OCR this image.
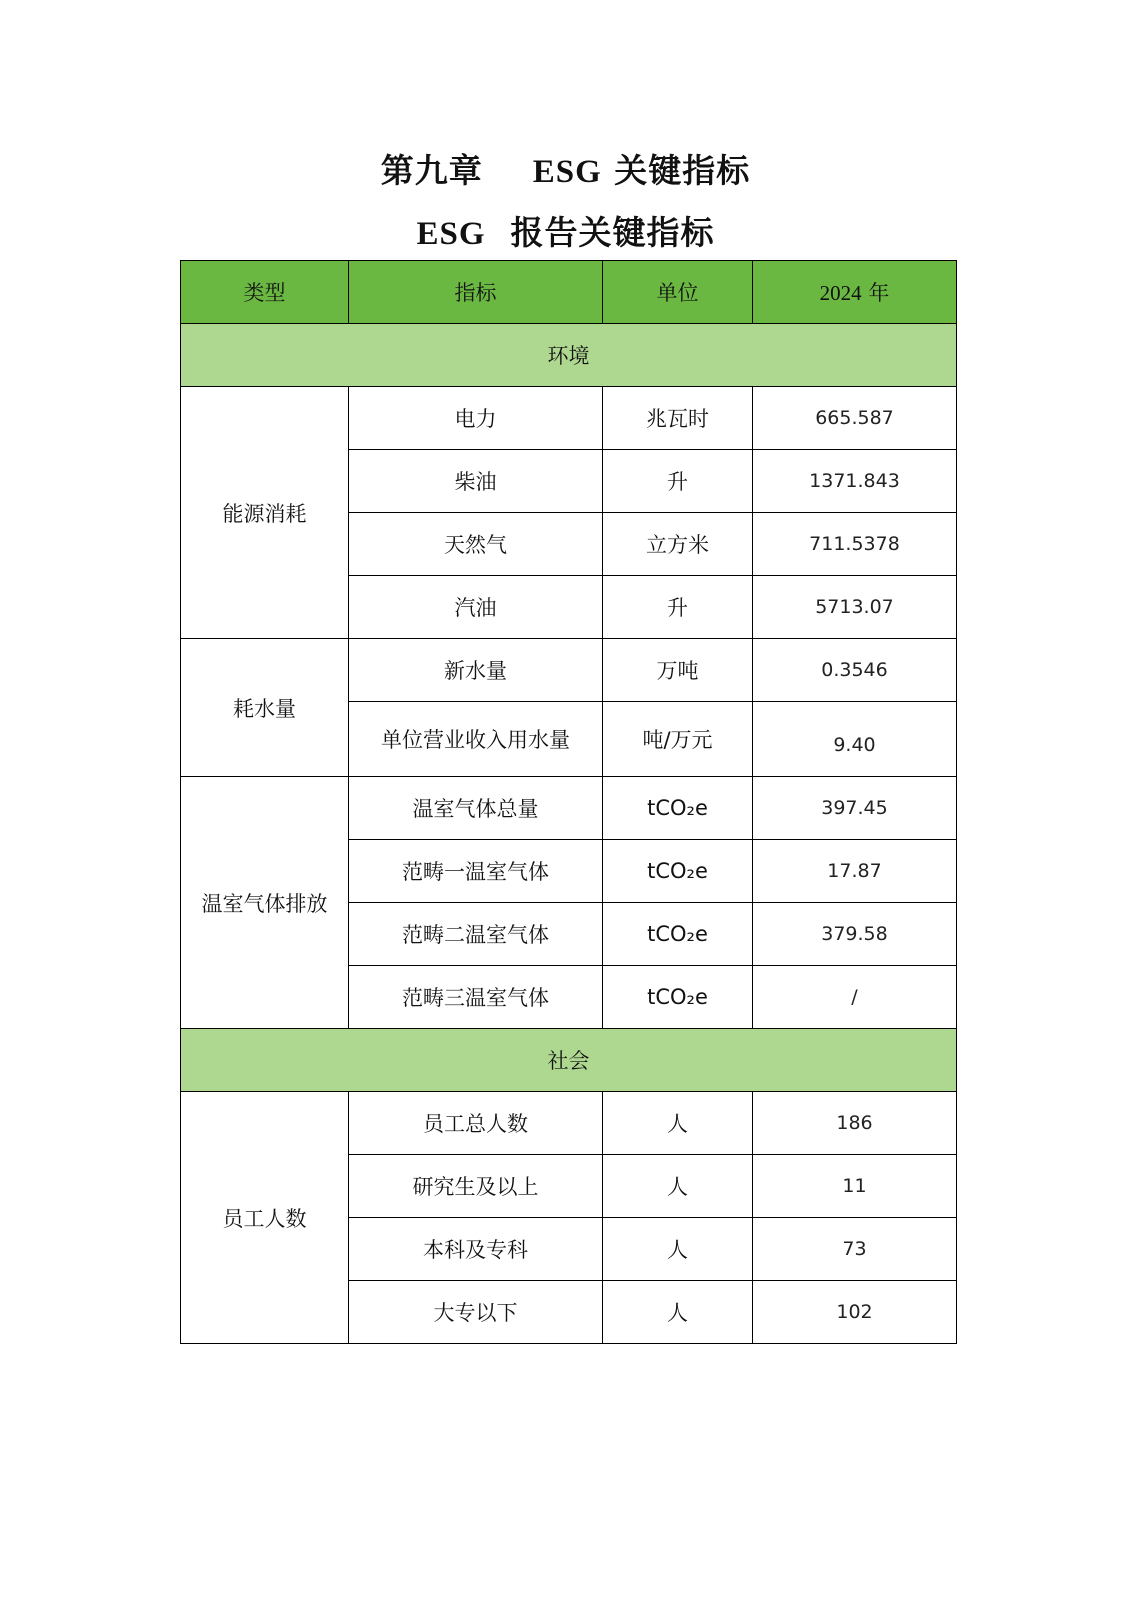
第九章 ESG 关键指标
ESG 报告关键指标
类型	指标	单位	2024 年
环境			
能源消耗	电力	兆瓦时	665.587
	柴油	升	1371.843
	天然气	立方米	711.5378
	汽油	升	5713.07
耗水量	新水量	万吨	0.3546
	单位营业收入用水量	吨/万元	9.40
温室气体排放	温室气体总量	tCO₂e	397.45
	范畴一温室气体	tCO₂e	17.87
	范畴二温室气体	tCO₂e	379.58
	范畴三温室气体	tCO₂e	/
社会			
员工人数	员工总人数	人	186
	研究生及以上	人	11
	本科及专科	人	73
	大专以下	人	102
